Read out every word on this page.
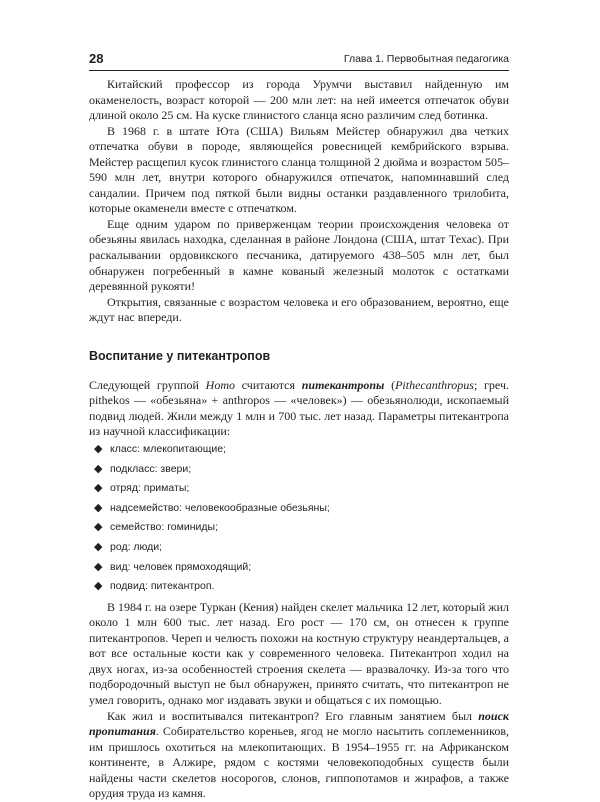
28	Глава 1. Первобытная педагогика

Китайский профессор из города Урумчи выставил найденную им окаменелость, возраст которой — 200 млн лет: на ней имеется отпечаток обуви длиной около 25 см. На куске глинистого сланца ясно различим след ботинка.

В 1968 г. в штате Юта (США) Вильям Мейстер обнаружил два четких отпечатка обуви в породе, являющейся ровесницей кембрийского взрыва. Мейстер расщепил кусок глинистого сланца толщиной 2 дюйма и возрастом 505–590 млн лет, внутри которого обнаружился отпечаток, напоминавший след сандалии. Причем под пяткой были видны останки раздавленного трилобита, которые окаменели вместе с отпечатком.

Еще одним ударом по приверженцам теории происхождения человека от обезьяны явилась находка, сделанная в районе Лондона (США, штат Техас). При раскалывании ордовикского песчаника, датируемого 438–505 млн лет, был обнаружен погребенный в камне кованый железный молоток с остатками деревянной рукояти!

Открытия, связанные с возрастом человека и его образованием, вероятно, еще ждут нас впереди.

Воспитание у питекантропов

Следующей группой Homo считаются питекантропы (Pithecanthropus; греч. pithekos — «обезьяна» + anthropos — «человек») — обезьянолюди, ископаемый подвид людей. Жили между 1 млн и 700 тыс. лет назад. Параметры питекантропа из научной классификации:

◆ класс: млекопитающие;
◆ подкласс: звери;
◆ отряд: приматы;
◆ надсемейство: человекообразные обезьяны;
◆ семейство: гоминиды;
◆ род: люди;
◆ вид: человек прямоходящий;
◆ подвид: питекантроп.

В 1984 г. на озере Туркан (Кения) найден скелет мальчика 12 лет, который жил около 1 млн 600 тыс. лет назад. Его рост — 170 см, он отнесен к группе питекантропов. Череп и челюсть похожи на костную структуру неандертальцев, а вот все остальные кости как у современного человека. Питекантроп ходил на двух ногах, из-за особенностей строения скелета — вразвалочку. Из-за того что подбородочный выступ не был обнаружен, принято считать, что питекантроп не умел говорить, однако мог издавать звуки и общаться с их помощью.

Как жил и воспитывался питекантроп? Его главным занятием был поиск пропитания. Собирательство кореньев, ягод не могло насытить соплеменников, им пришлось охотиться на млекопитающих. В 1954–1955 гг. на Африканском континенте, в Алжире, рядом с костями человекоподобных существ были найдены части скелетов носорогов, слонов, гиппопотамов и жирафов, а также орудия труда из камня.
